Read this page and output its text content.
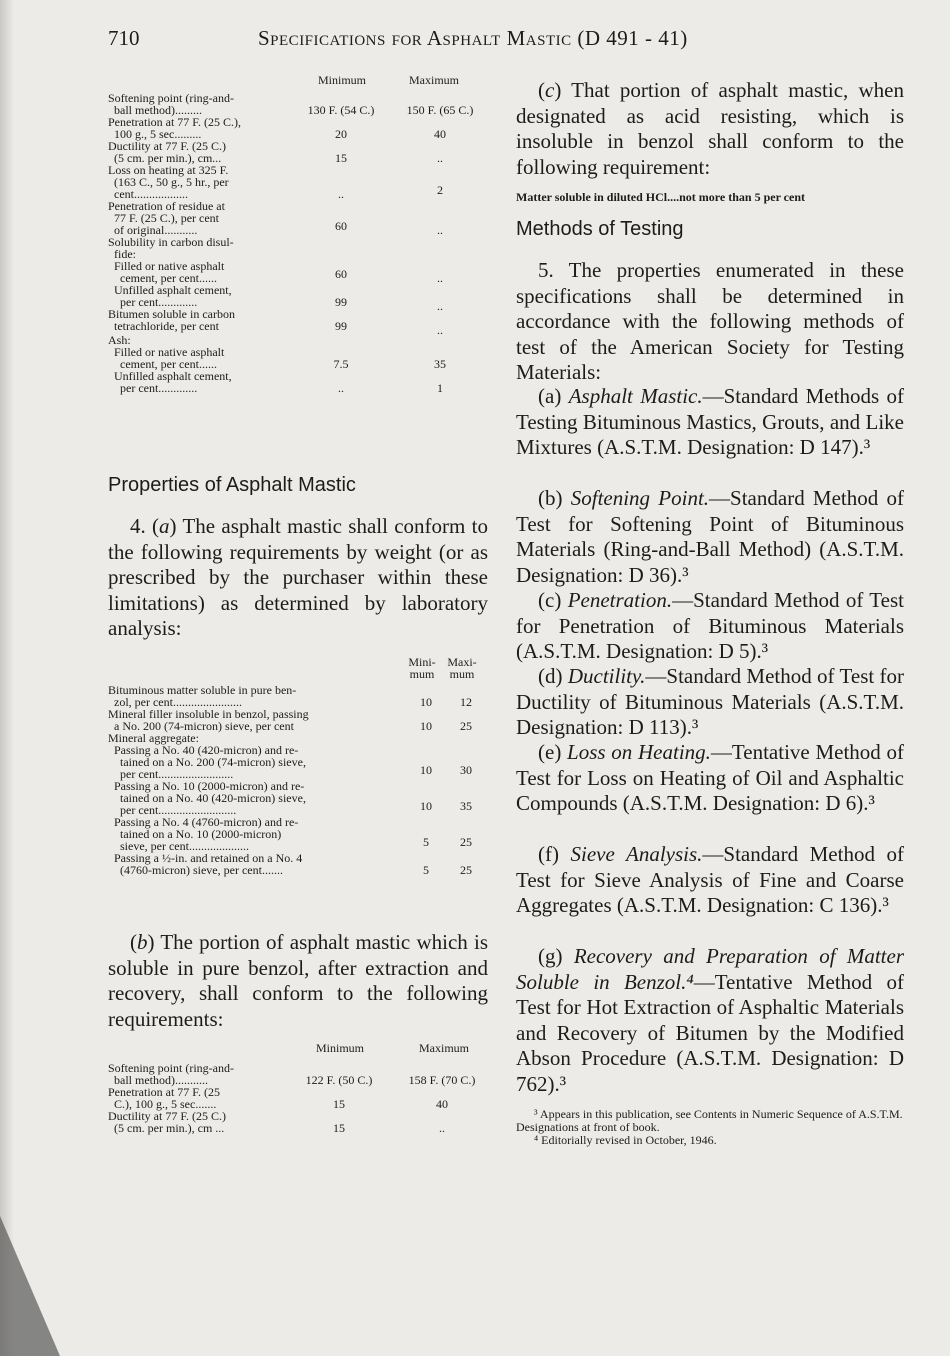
710	Specifications for Asphalt Mastic (D 491 - 41)
Minimum	Maximum
Softening point (ring-and-
ball method).........	130 F. (54 C.)	150 F. (65 C.)
Penetration at 77 F. (25 C.),
100 g., 5 sec.........	20	40
Ductility at 77 F. (25 C.)
(5 cm. per min.), cm...	15	..
Loss on heating at 325 F.
(163 C., 50 g., 5 hr., per
cent..................	..	2
Penetration of residue at
77 F. (25 C.), per cent
of original...........	60	..
Solubility in carbon disul-
fide:
Filled or native asphalt
cement, per cent......	60	..
Unfilled asphalt cement,
per cent.............	99	..
Bitumen soluble in carbon
tetrachloride, per cent	99	..
Ash:
Filled or native asphalt
cement, per cent......	7.5	35
Unfilled asphalt cement,
per cent.............	..	1
Properties of Asphalt Mastic
4. (a) The asphalt mastic shall conform to the following requirements by weight (or as prescribed by the purchaser within these limitations) as determined by laboratory analysis:
Mini- mum
Maxi- mum
Bituminous matter soluble in pure ben-
zol, per cent.......................	10	12
Mineral filler insoluble in benzol, passing
a No. 200 (74-micron) sieve, per cent	10	25
Mineral aggregate:
Passing a No. 40 (420-micron) and re-
tained on a No. 200 (74-micron) sieve,
per cent.........................	10	30
Passing a No. 10 (2000-micron) and re-
tained on a No. 40 (420-micron) sieve,
per cent..........................	10	35
Passing a No. 4 (4760-micron) and re-
tained on a No. 10 (2000-micron)
sieve, per cent....................	5	25
Passing a ½-in. and retained on a No. 4
(4760-micron) sieve, per cent.......	5	25
(b) The portion of asphalt mastic which is soluble in pure benzol, after extraction and recovery, shall conform to the following requirements:
Minimum	Maximum
Softening point (ring-and-
ball method)...........	122 F. (50 C.)	158 F. (70 C.)
Penetration at 77 F. (25
C.), 100 g., 5 sec.......	15	40
Ductility at 77 F. (25 C.)
(5 cm. per min.), cm ...	15	..
(c) That portion of asphalt mastic, when designated as acid resisting, which is insoluble in benzol shall conform to the following requirement:
Matter soluble in diluted HCl....not more than 5 per cent
Methods of Testing
5. The properties enumerated in these specifications shall be determined in accordance with the following methods of test of the American Society for Testing Materials:
(a) Asphalt Mastic.—Standard Methods of Testing Bituminous Mastics, Grouts, and Like Mixtures (A.S.T.M. Designation: D 147).³
(b) Softening Point.—Standard Method of Test for Softening Point of Bituminous Materials (Ring-and-Ball Method) (A.S.T.M. Designation: D 36).³
(c) Penetration.—Standard Method of Test for Penetration of Bituminous Materials (A.S.T.M. Designation: D 5).³
(d) Ductility.—Standard Method of Test for Ductility of Bituminous Materials (A.S.T.M. Designation: D 113).³
(e) Loss on Heating.—Tentative Method of Test for Loss on Heating of Oil and Asphaltic Compounds (A.S.T.M. Designation: D 6).³
(f) Sieve Analysis.—Standard Method of Test for Sieve Analysis of Fine and Coarse Aggregates (A.S.T.M. Designation: C 136).³
(g) Recovery and Preparation of Matter Soluble in Benzol.⁴—Tentative Method of Test for Hot Extraction of Asphaltic Materials and Recovery of Bitumen by the Modified Abson Procedure (A.S.T.M. Designation: D 762).³
³ Appears in this publication, see Contents in Numeric Sequence of A.S.T.M. Designations at front of book.
⁴ Editorially revised in October, 1946.
